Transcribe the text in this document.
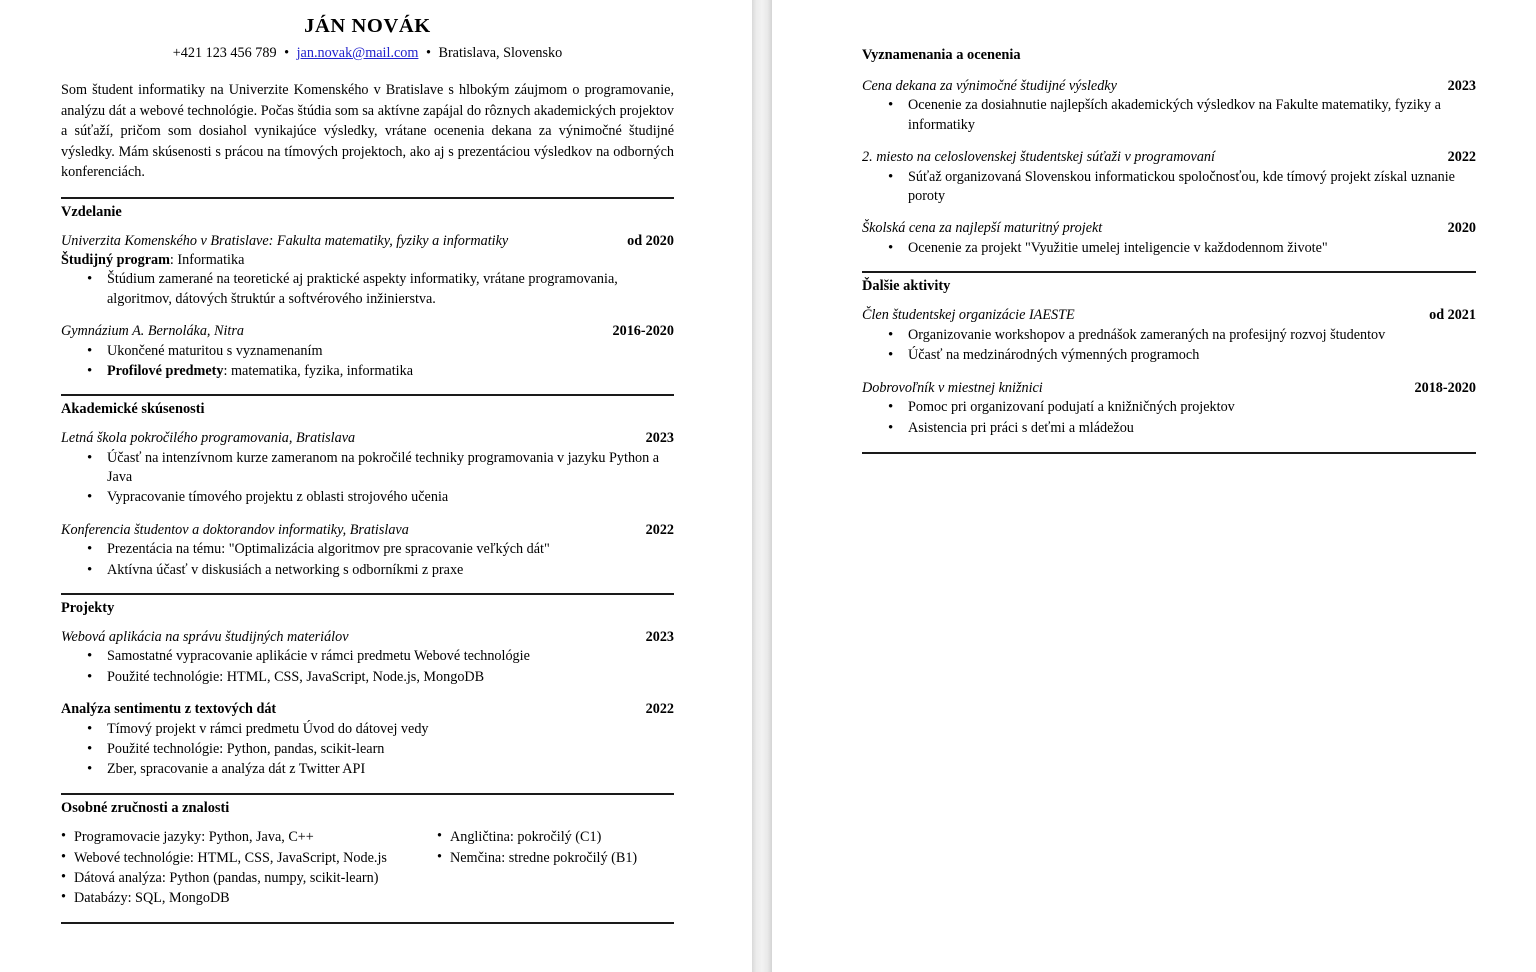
JÁN NOVÁK
+421 123 456 789 • jan.novak@mail.com • Bratislava, Slovensko

Som študent informatiky na Univerzite Komenského v Bratislave s hlbokým záujmom o programovanie, analýzu dát a webové technológie. Počas štúdia som sa aktívne zapájal do rôznych akademických projektov a súťaží, pričom som dosiahol vynikajúce výsledky, vrátane ocenenia dekana za výnimočné študijné výsledky. Mám skúsenosti s prácou na tímových projektoch, ako aj s prezentáciou výsledkov na odborných konferenciách.

Vzdelanie
Univerzita Komenského v Bratislave: Fakulta matematiky, fyziky a informatiky	od 2020

Študijný program: Informatika

• Štúdium zamerané na teoretické aj praktické aspekty informatiky, vrátane programovania, algoritmov, dátových štruktúr a softvérového inžinierstva.
Gymnázium A. Bernoláka, Nitra	2016-2020
• Ukončené maturitou s vyznamenaním
• Profilové predmety: matematika, fyzika, informatika
Akademické skúsenosti
Letná škola pokročilého programovania, Bratislava	2023
• Účasť na intenzívnom kurze zameranom na pokročilé techniky programovania v jazyku Python a Java
• Vypracovanie tímového projektu z oblasti strojového učenia
Konferencia študentov a doktorandov informatiky, Bratislava	2022
• Prezentácia na tému: "Optimalizácia algoritmov pre spracovanie veľkých dát"
• Aktívna účasť v diskusiách a networking s odborníkmi z praxe
Projekty
Webová aplikácia na správu študijných materiálov	2023
• Samostatné vypracovanie aplikácie v rámci predmetu Webové technológie
• Použité technológie: HTML, CSS, JavaScript, Node.js, MongoDB
Analýza sentimentu z textových dát	2022
• Tímový projekt v rámci predmetu Úvod do dátovej vedy
• Použité technológie: Python, pandas, scikit-learn
• Zber, spracovanie a analýza dát z Twitter API
Osobné zručnosti a znalosti
• Programovacie jazyky: Python, Java, C++
• Webové technológie: HTML, CSS, JavaScript, Node.js
• Dátová analýza: Python (pandas, numpy, scikit-learn)
• Databázy: SQL, MongoDB
• Angličtina: pokročilý (C1)
• Nemčina: stredne pokročilý (B1)
Vyznamenania a ocenenia
Cena dekana za výnimočné študijné výsledky	2023
• Ocenenie za dosiahnutie najlepších akademických výsledkov na Fakulte matematiky, fyziky a informatiky
2. miesto na celoslovenskej študentskej súťaži v programovaní	2022
• Súťaž organizovaná Slovenskou informatickou spoločnosťou, kde tímový projekt získal uznanie poroty
Školská cena za najlepší maturitný projekt	2020
• Ocenenie za projekt "Využitie umelej inteligencie v každodennom živote"
Ďalšie aktivity
Člen študentskej organizácie IAESTE	od 2021
• Organizovanie workshopov a prednášok zameraných na profesijný rozvoj študentov
• Účasť na medzinárodných výmenných programoch
Dobrovoľník v miestnej knižnici	2018-2020
• Pomoc pri organizovaní podujatí a knižničných projektov
• Asistencia pri práci s deťmi a mládežou
